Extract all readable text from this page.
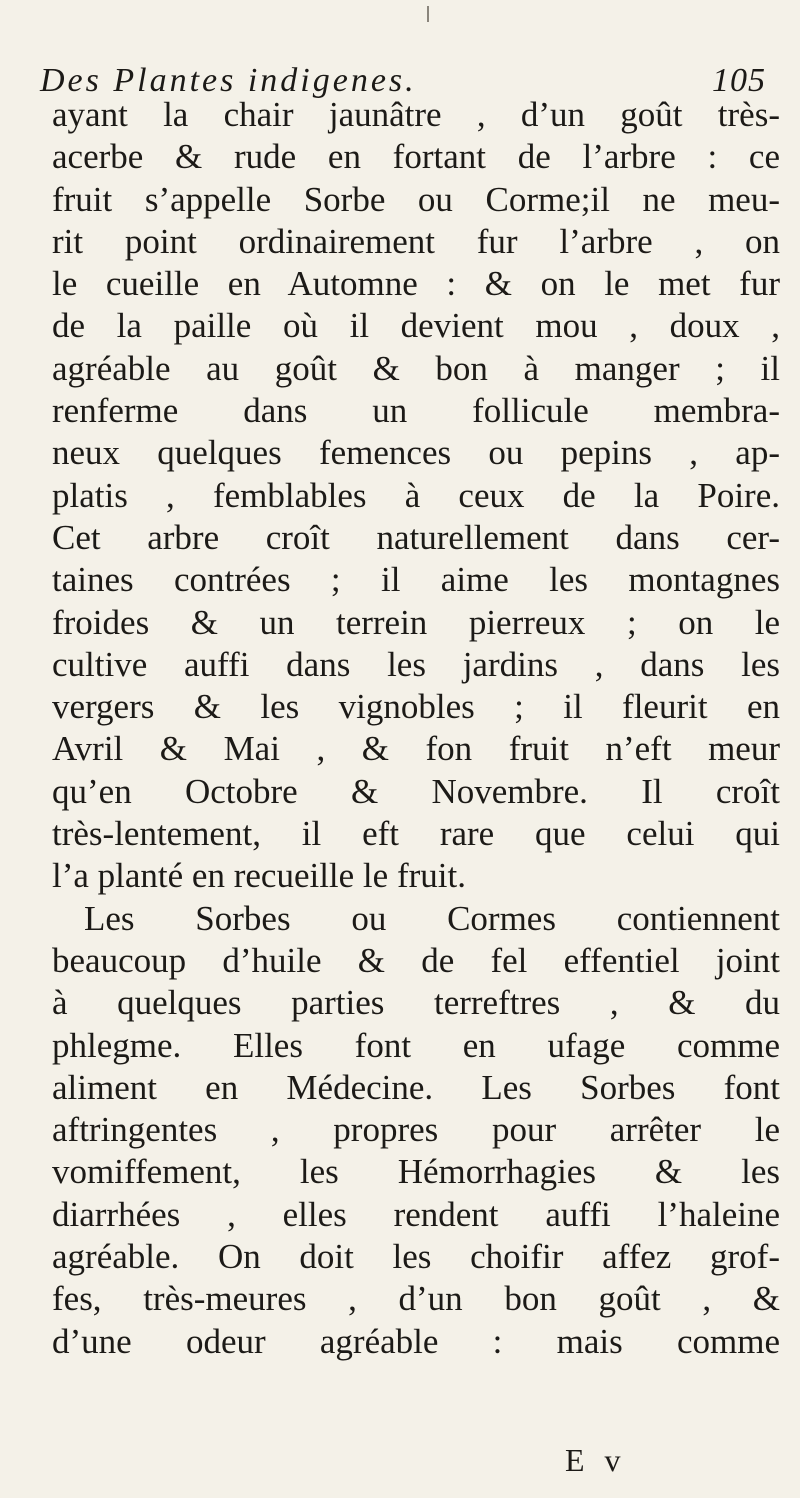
Des Plantes indigenes.	105
ayant la chair jaunâtre , d’un goût très-
acerbe & rude en fortant de l’arbre : ce
fruit s’appelle Sorbe ou Corme;il ne meu-
rit point ordinairement fur l’arbre , on
le cueille en Automne : & on le met fur
de la paille où il devient mou , doux ,
agréable au goût & bon à manger ; il
renferme dans un follicule membra-
neux quelques femences ou pepins , ap-
platis , femblables à ceux de la Poire.
Cet arbre croît naturellement dans cer-
taines contrées ; il aime les montagnes
froides & un terrein pierreux ; on le
cultive auffi dans les jardins , dans les
vergers & les vignobles ; il fleurit en
Avril & Mai , & fon fruit n’eft meur
qu’en Octobre & Novembre. Il croît
très-lentement, il eft rare que celui qui
l’a planté en recueille le fruit.
Les Sorbes ou Cormes contiennent
beaucoup d’huile & de fel effentiel joint
à quelques parties terreftres , & du
phlegme. Elles font en ufage comme
aliment en Médecine. Les Sorbes font
aftringentes , propres pour arrêter le
vomiffement, les Hémorrhagies & les
diarrhées , elles rendent auffi l’haleine
agréable. On doit les choifir affez grof-
fes, très-meures , d’un bon goût , &
d’une odeur agréable : mais comme
E v
